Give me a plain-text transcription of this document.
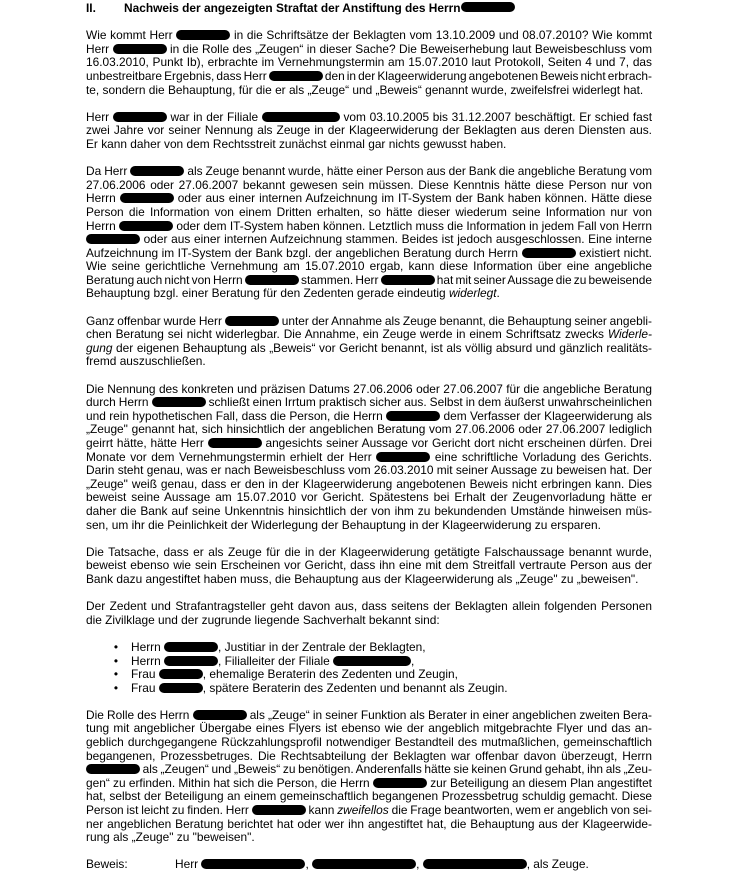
II.	Nachweis der angezeigten Straftat der Anstiftung des Herrn
Wie kommt Herr	in die Schriftsätze der Beklagten vom 13.10.2009 und 08.07.2010? Wie kommt
Herr	in die Rolle des „Zeugen“ in dieser Sache? Die Beweiserhebung laut Beweisbeschluss vom
16.03.2010, Punkt Ib), erbrachte im Vernehmungstermin am 15.07.2010 laut Protokoll, Seiten 4 und 7, das
unbestreitbare Ergebnis, dass Herr	den in der Klageerwiderung angebotenen Beweis nicht erbrach-
te, sondern die Behauptung, für die er als „Zeuge“ und „Beweis“ genannt wurde, zweifelsfrei widerlegt hat.
Herr	war in der Filiale	vom 03.10.2005 bis 31.12.2007 beschäftigt. Er schied fast
zwei Jahre vor seiner Nennung als Zeuge in der Klageerwiderung der Beklagten aus deren Diensten aus.
Er kann daher von dem Rechtsstreit zunächst einmal gar nichts gewusst haben.
Da Herr	als Zeuge benannt wurde, hätte einer Person aus der Bank die angebliche Beratung vom
27.06.2006 oder 27.06.2007 bekannt gewesen sein müssen. Diese Kenntnis hätte diese Person nur von
Herrn	oder aus einer internen Aufzeichnung im IT-System der Bank haben können. Hätte diese
Person die Information von einem Dritten erhalten, so hätte dieser wiederum seine Information nur von
Herrn	oder dem IT-System haben können. Letztlich muss die Information in jedem Fall von Herrn
oder aus einer internen Aufzeichnung stammen. Beides ist jedoch ausgeschlossen. Eine interne
Aufzeichnung im IT-System der Bank bzgl. der angeblichen Beratung durch Herrn	existiert nicht.
Wie seine gerichtliche Vernehmung am 15.07.2010 ergab, kann diese Information über eine angebliche
Beratung auch nicht von Herrn	stammen. Herr	hat mit seiner Aussage die zu beweisende
Behauptung bzgl. einer Beratung für den Zedenten gerade eindeutig widerlegt.
Ganz offenbar wurde Herr	unter der Annahme als Zeuge benannt, die Behauptung seiner angebli-
chen Beratung sei nicht widerlegbar. Die Annahme, ein Zeuge werde in einem Schriftsatz zwecks Widerle-
gung der eigenen Behauptung als „Beweis“ vor Gericht benannt, ist als völlig absurd und gänzlich realitäts-
fremd auszuschließen.
Die Nennung des konkreten und präzisen Datums 27.06.2006 oder 27.06.2007 für die angebliche Beratung
durch Herrn	schließt einen Irrtum praktisch sicher aus. Selbst in dem äußerst unwahrscheinlichen
und rein hypothetischen Fall, dass die Person, die Herrn	dem Verfasser der Klageerwiderung als
„Zeuge" genannt hat, sich hinsichtlich der angeblichen Beratung vom 27.06.2006 oder 27.06.2007 lediglich
geirrt hätte, hätte Herr	angesichts seiner Aussage vor Gericht dort nicht erscheinen dürfen. Drei
Monate vor dem Vernehmungstermin erhielt der Herr	eine schriftliche Vorladung des Gerichts.
Darin steht genau, was er nach Beweisbeschluss vom 26.03.2010 mit seiner Aussage zu beweisen hat. Der
„Zeuge" weiß genau, dass er den in der Klageerwiderung angebotenen Beweis nicht erbringen kann. Dies
beweist seine Aussage am 15.07.2010 vor Gericht. Spätestens bei Erhalt der Zeugenvorladung hätte er
daher die Bank auf seine Unkenntnis hinsichtlich der von ihm zu bekundenden Umstände hinweisen müs-
sen, um ihr die Peinlichkeit der Widerlegung der Behauptung in der Klageerwiderung zu ersparen.
Die Tatsache, dass er als Zeuge für die in der Klageerwiderung getätigte Falschaussage benannt wurde,
beweist ebenso wie sein Erscheinen vor Gericht, dass ihn eine mit dem Streitfall vertraute Person aus der
Bank dazu angestiftet haben muss, die Behauptung aus der Klageerwiderung als „Zeuge" zu „beweisen".
Der Zedent und Strafantragsteller geht davon aus, dass seitens der Beklagten allein folgenden Personen
die Zivilklage und der zugrunde liegende Sachverhalt bekannt sind:
•	Herrn	, Justitiar in der Zentrale der Beklagten,
•	Herrn	, Filialleiter der Filiale	,
•	Frau	, ehemalige Beraterin des Zedenten und Zeugin,
•	Frau	, spätere Beraterin des Zedenten und benannt als Zeugin.
Die Rolle des Herrn	als „Zeuge“ in seiner Funktion als Berater in einer angeblichen zweiten Bera-
tung mit angeblicher Übergabe eines Flyers ist ebenso wie der angeblich mitgebrachte Flyer und das an-
geblich durchgegangene Rückzahlungsprofil notwendiger Bestandteil des mutmaßlichen, gemeinschaftlich
begangenen, Prozessbetruges. Die Rechtsabteilung der Beklagten war offenbar davon überzeugt, Herrn
als „Zeugen“ und „Beweis“ zu benötigen. Anderenfalls hätte sie keinen Grund gehabt, ihn als „Zeu-
gen“ zu erfinden. Mithin hat sich die Person, die Herrn	zur Beteiligung an diesem Plan angestiftet
hat, selbst der Beteiligung an einem gemeinschaftlich begangenen Prozessbetrug schuldig gemacht. Diese
Person ist leicht zu finden. Herr	kann zweifellos die Frage beantworten, wem er angeblich von sei-
ner angeblichen Beratung berichtet hat oder wer ihn angestiftet hat, die Behauptung aus der Klageerwide-
rung als „Zeuge" zu "beweisen".
Beweis:	Herr	,	,	, als Zeuge.
